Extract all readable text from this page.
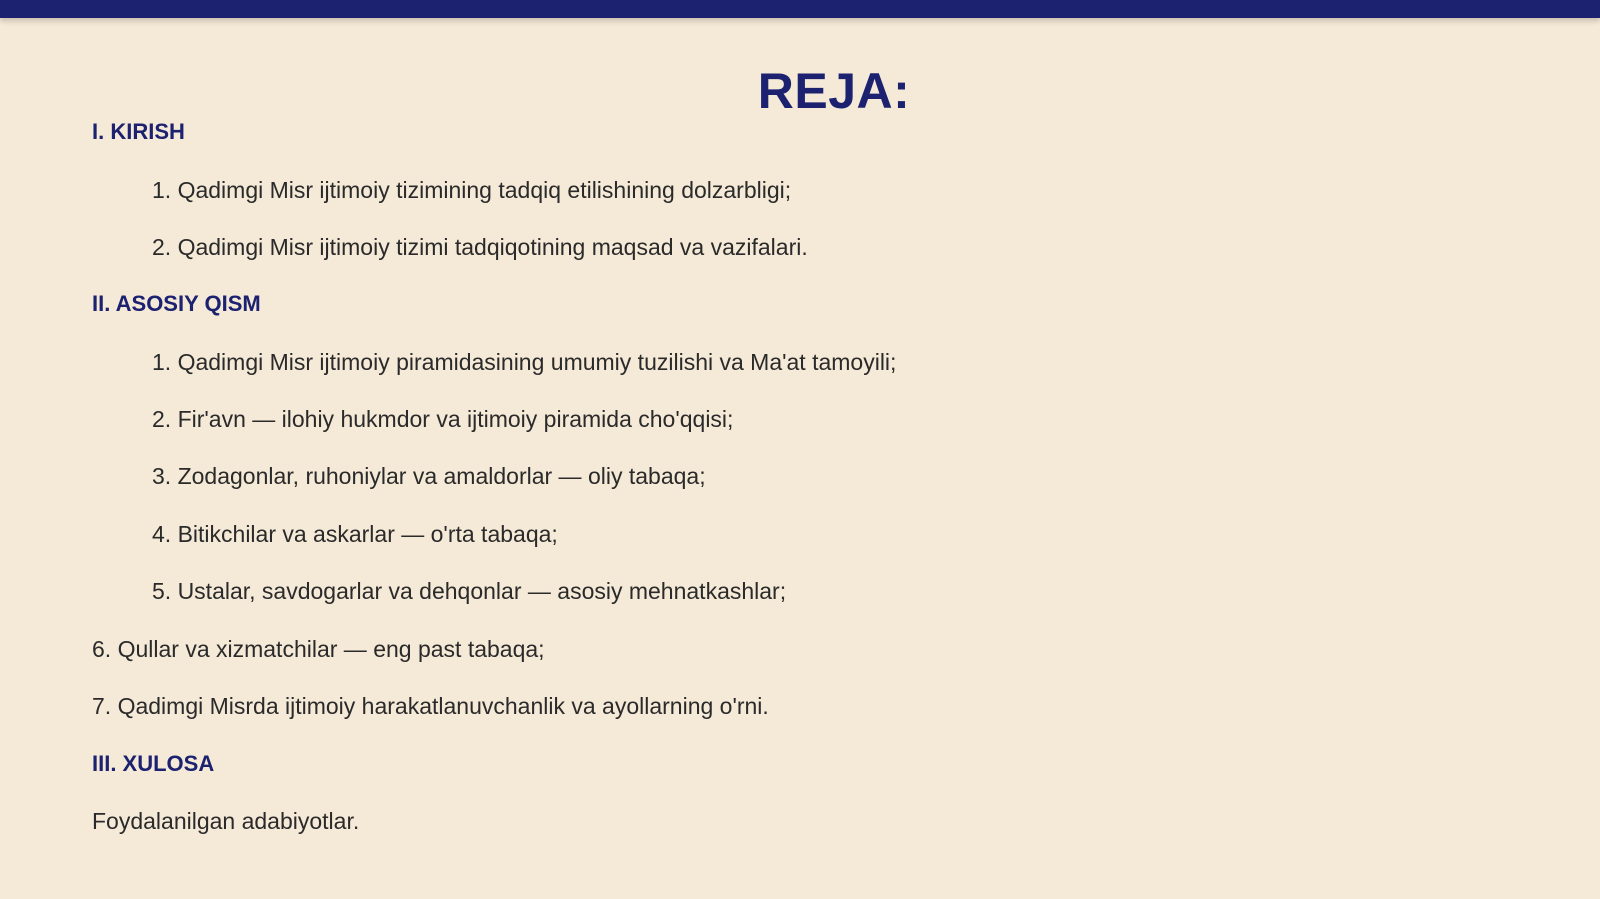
REJA:
I. KIRISH
1. Qadimgi Misr ijtimoiy tizimining tadqiq etilishining dolzarbligi;
2. Qadimgi Misr ijtimoiy tizimi tadqiqotining maqsad va vazifalari.
II. ASOSIY QISM
1. Qadimgi Misr ijtimoiy piramidasining umumiy tuzilishi va Ma'at tamoyili;
2. Fir'avn — ilohiy hukmdor va ijtimoiy piramida cho'qqisi;
3. Zodagonlar, ruhoniylar va amaldorlar — oliy tabaqa;
4. Bitikchilar va askarlar — o'rta tabaqa;
5. Ustalar, savdogarlar va dehqonlar — asosiy mehnatkashlar;
6. Qullar va xizmatchilar — eng past tabaqa;
7. Qadimgi Misrda ijtimoiy harakatlanuvchanlik va ayollarning o'rni.
III. XULOSA
Foydalanilgan adabiyotlar.
